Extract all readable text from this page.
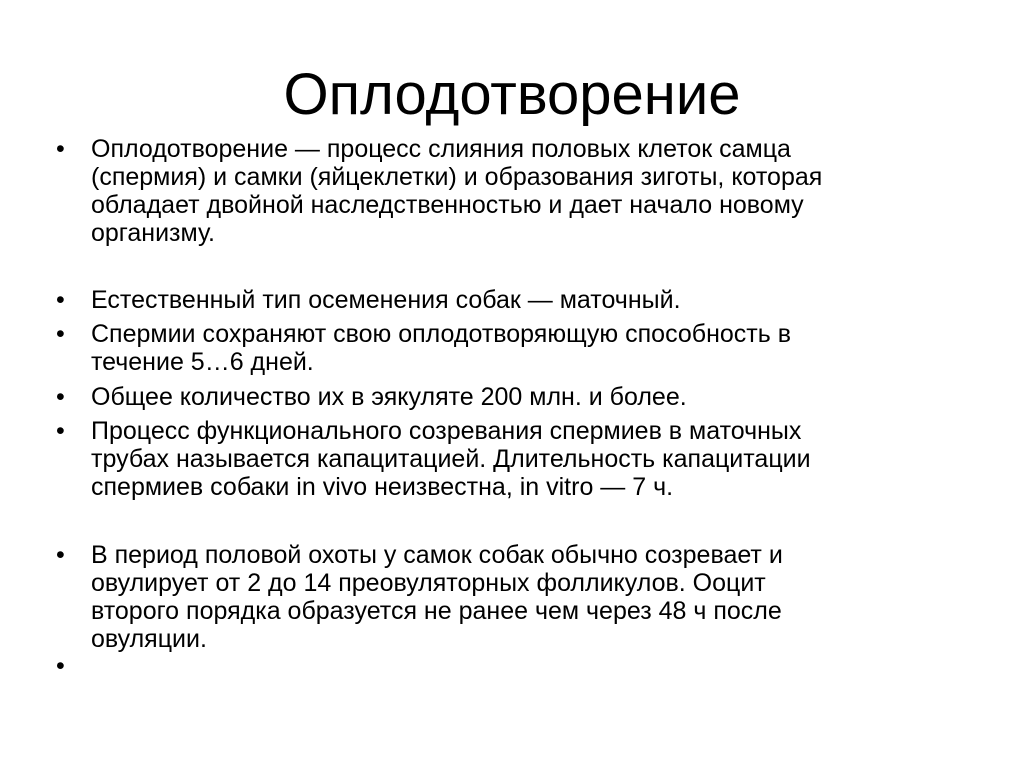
Оплодотворение
•	Оплодотворение — процесс слияния половых клеток самца
(спермия) и самки (яйцеклетки) и образования зиготы, которая
обладает двойной наследственностью и дает начало новому
организму.
•	Естественный тип осеменения собак — маточный.
•	Спермии сохраняют свою оплодотворяющую способность в
течение 5…6 дней.
•	Общее количество их в эякуляте 200 млн. и более.
•	Процесс функционального созревания спермиев в маточных
трубах называется капацитацией. Длительность капацитации
спермиев собаки in vivo неизвестна, in vitro — 7 ч.
•	В период половой охоты у самок собак обычно созревает и
овулирует от 2 до 14 преовуляторных фолликулов. Ооцит
второго порядка образуется не ранее чем через 48 ч после
овуляции.
•
